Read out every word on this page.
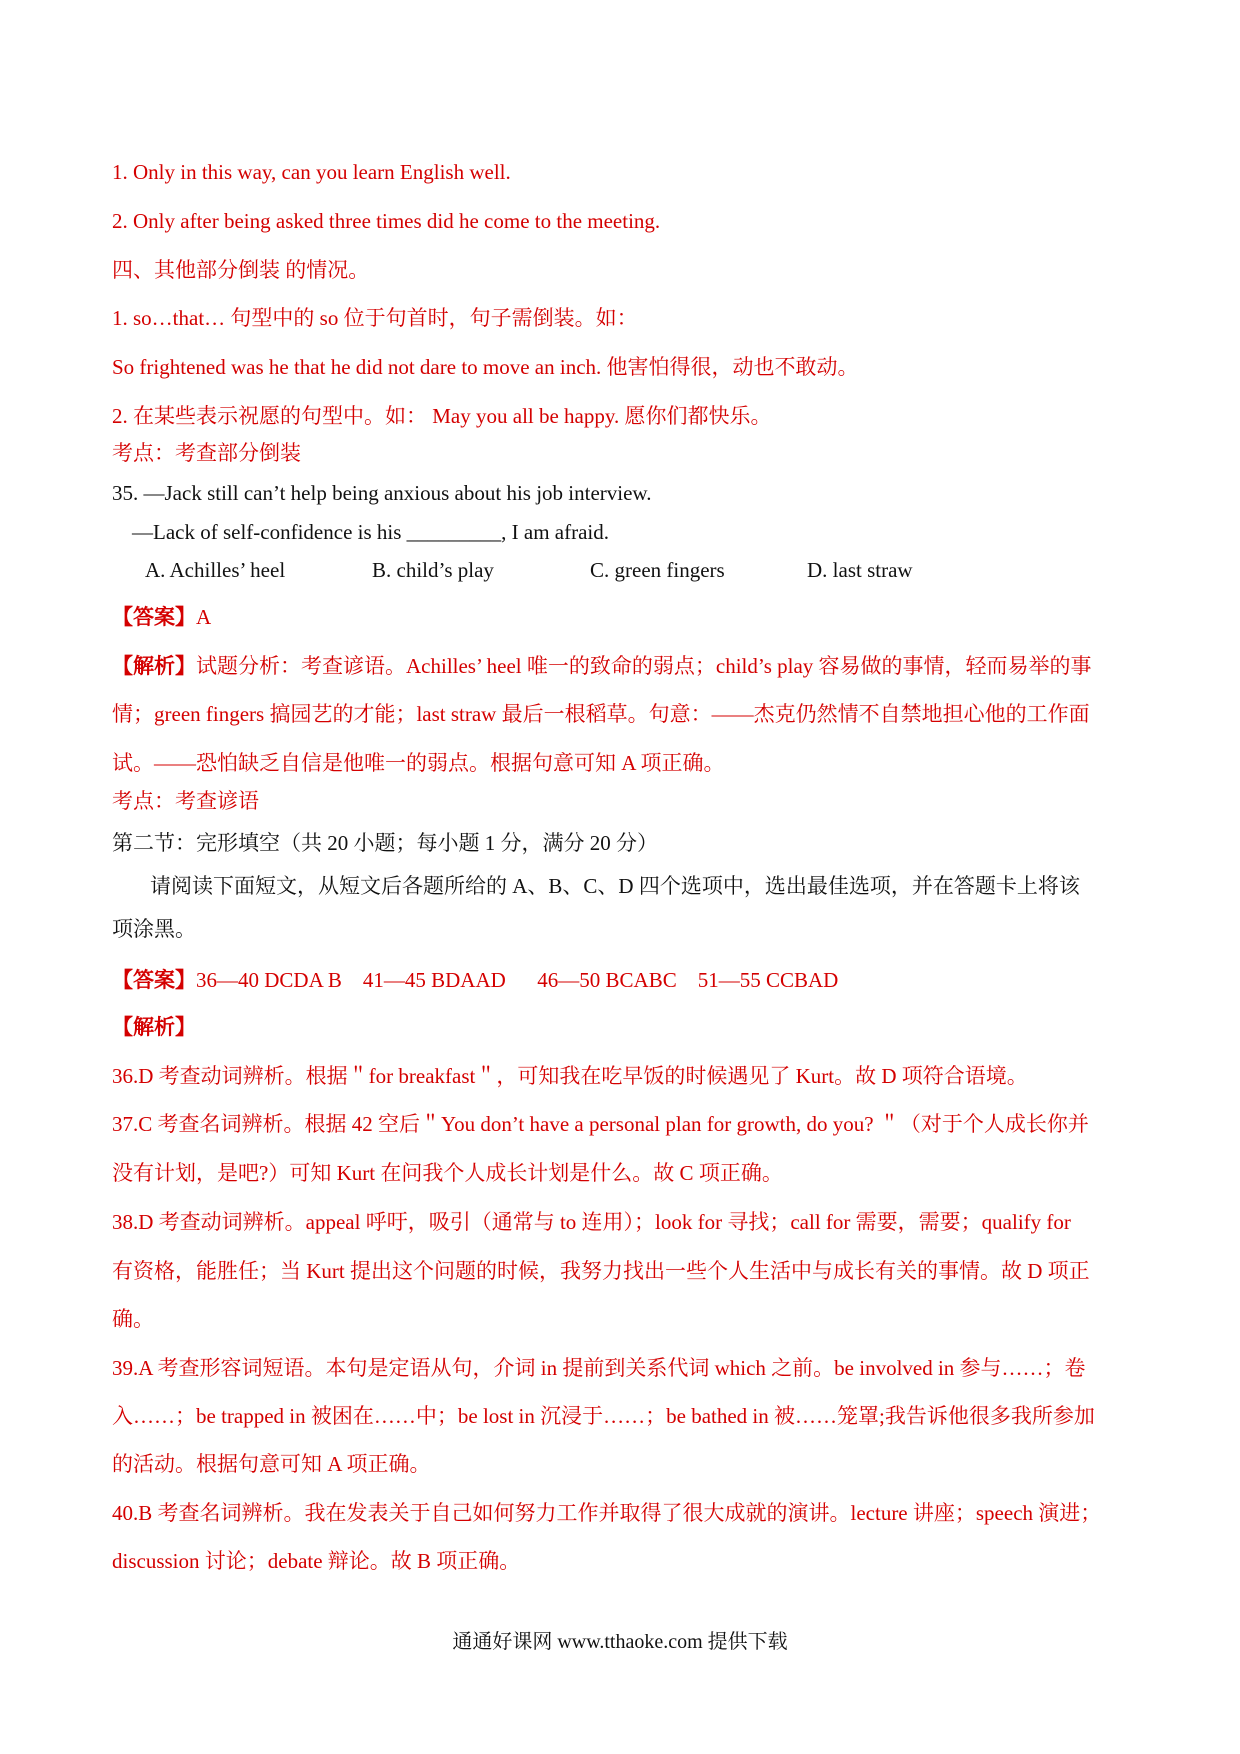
1. Only in this way, can you learn English well.
2. Only after being asked three times did he come to the meeting.
四、其他部分倒装 的情况。
1. so…that… 句型中的 so 位于句首时，句子需倒装。如：
So frightened was he that he did not dare to move an inch. 他害怕得很，动也不敢动。
2. 在某些表示祝愿的句型中。如： May you all be happy. 愿你们都快乐。
考点：考查部分倒装
35. —Jack still can’t help being anxious about his job interview.
—Lack of self-confidence is his _________, I am afraid.
A. Achilles’ heel	B. child’s play	C. green fingers	D. last straw
【答案】A
【解析】试题分析：考查谚语。Achilles’ heel 唯一的致命的弱点；child’s play 容易做的事情，轻而易举的事
情；green fingers 搞园艺的才能；last straw 最后一根稻草。句意：——杰克仍然情不自禁地担心他的工作面
试。——恐怕缺乏自信是他唯一的弱点。根据句意可知 A 项正确。
考点：考查谚语
第二节：完形填空（共 20 小题；每小题 1 分，满分 20 分）
请阅读下面短文，从短文后各题所给的 A、B、C、D 四个选项中，选出最佳选项，并在答题卡上将该
项涂黑。
【答案】36—40 DCDA B    41—45 BDAAD      46—50 BCABC    51—55 CCBAD
【解析】
36.D 考查动词辨析。根据＂for breakfast＂，可知我在吃早饭的时候遇见了 Kurt。故 D 项符合语境。
37.C 考查名词辨析。根据 42 空后＂You don’t have a personal plan for growth, do you? ＂（对于个人成长你并
没有计划，是吧?）可知 Kurt 在问我个人成长计划是什么。故 C 项正确。
38.D 考查动词辨析。appeal 呼吁，吸引（通常与 to 连用）；look for 寻找；call for 需要，需要；qualify for
有资格，能胜任；当 Kurt 提出这个问题的时候，我努力找出一些个人生活中与成长有关的事情。故 D 项正
确。
39.A 考查形容词短语。本句是定语从句，介词 in 提前到关系代词 which 之前。be involved in 参与……；卷
入……；be trapped in 被困在……中；be lost in 沉浸于……；be bathed in 被……笼罩;我告诉他很多我所参加
的活动。根据句意可知 A 项正确。
40.B 考查名词辨析。我在发表关于自己如何努力工作并取得了很大成就的演讲。lecture 讲座；speech 演进；
discussion 讨论；debate 辩论。故 B 项正确。
通通好课网 www.tthaoke.com 提供下载
